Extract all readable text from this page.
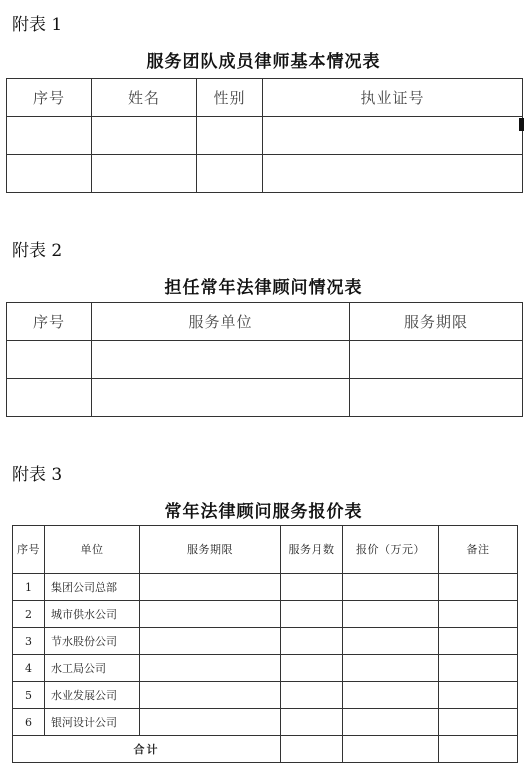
附表 1
服务团队成员律师基本情况表
序号	姓名	性别	执业证号

附表 2
担任常年法律顾问情况表
序号	服务单位	服务期限

附表 3
常年法律顾问服务报价表
序号	单位	服务期限	服务月数	报价（万元）	备注
1	集团公司总部				
2	城市供水公司				
3	节水股份公司				
4	水工局公司				
5	水业发展公司				
6	银河设计公司				
合计					
